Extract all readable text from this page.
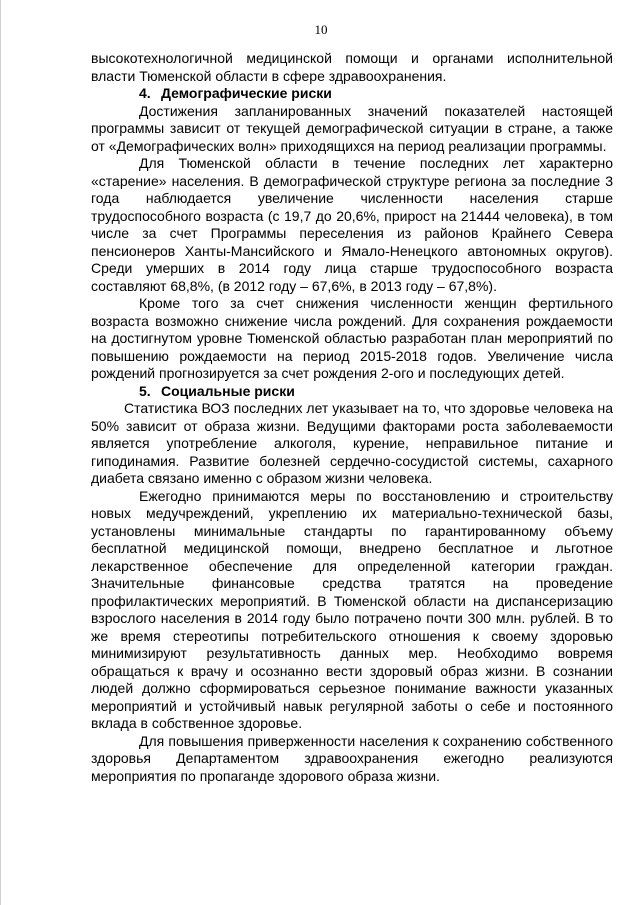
10

высокотехнологичной медицинской помощи и органами исполнительной власти Тюменской области в сфере здравоохранения.

4. Демографические риски

Достижения запланированных значений показателей настоящей программы зависит от текущей демографической ситуации в стране, а также от «Демографических волн» приходящихся на период реализации программы.

Для Тюменской области в течение последних лет характерно «старение» населения. В демографической структуре региона за последние 3 года наблюдается увеличение численности населения старше трудоспособного возраста (с 19,7 до 20,6%, прирост на 21444 человека), в том числе за счет Программы переселения из районов Крайнего Севера пенсионеров Ханты-Мансийского и Ямало-Ненецкого автономных округов). Среди умерших в 2014 году лица старше трудоспособного возраста составляют 68,8%, (в 2012 году – 67,6%, в 2013 году – 67,8%).

Кроме того за счет снижения численности женщин фертильного возраста возможно снижение числа рождений. Для сохранения рождаемости на достигнутом уровне Тюменской областью разработан план мероприятий по повышению рождаемости на период 2015-2018 годов. Увеличение числа рождений прогнозируется за счет рождения 2-ого и последующих детей.

5. Социальные риски

Статистика ВОЗ последних лет указывает на то, что здоровье человека на 50% зависит от образа жизни. Ведущими факторами роста заболеваемости является употребление алкоголя, курение, неправильное питание и гиподинамия. Развитие болезней сердечно-сосудистой системы, сахарного диабета связано именно с образом жизни человека.

Ежегодно принимаются меры по восстановлению и строительству новых медучреждений, укреплению их материально-технической базы, установлены минимальные стандарты по гарантированному объему бесплатной медицинской помощи, внедрено бесплатное и льготное лекарственное обеспечение для определенной категории граждан. Значительные финансовые средства тратятся на проведение профилактических мероприятий. В Тюменской области на диспансеризацию взрослого населения в 2014 году было потрачено почти 300 млн. рублей. В то же время стереотипы потребительского отношения к своему здоровью минимизируют результативность данных мер. Необходимо вовремя обращаться к врачу и осознанно вести здоровый образ жизни. В сознании людей должно сформироваться серьезное понимание важности указанных мероприятий и устойчивый навык регулярной заботы о себе и постоянного вклада в собственное здоровье.

Для повышения приверженности населения к сохранению собственного здоровья Департаментом здравоохранения ежегодно реализуются мероприятия по пропаганде здорового образа жизни.
